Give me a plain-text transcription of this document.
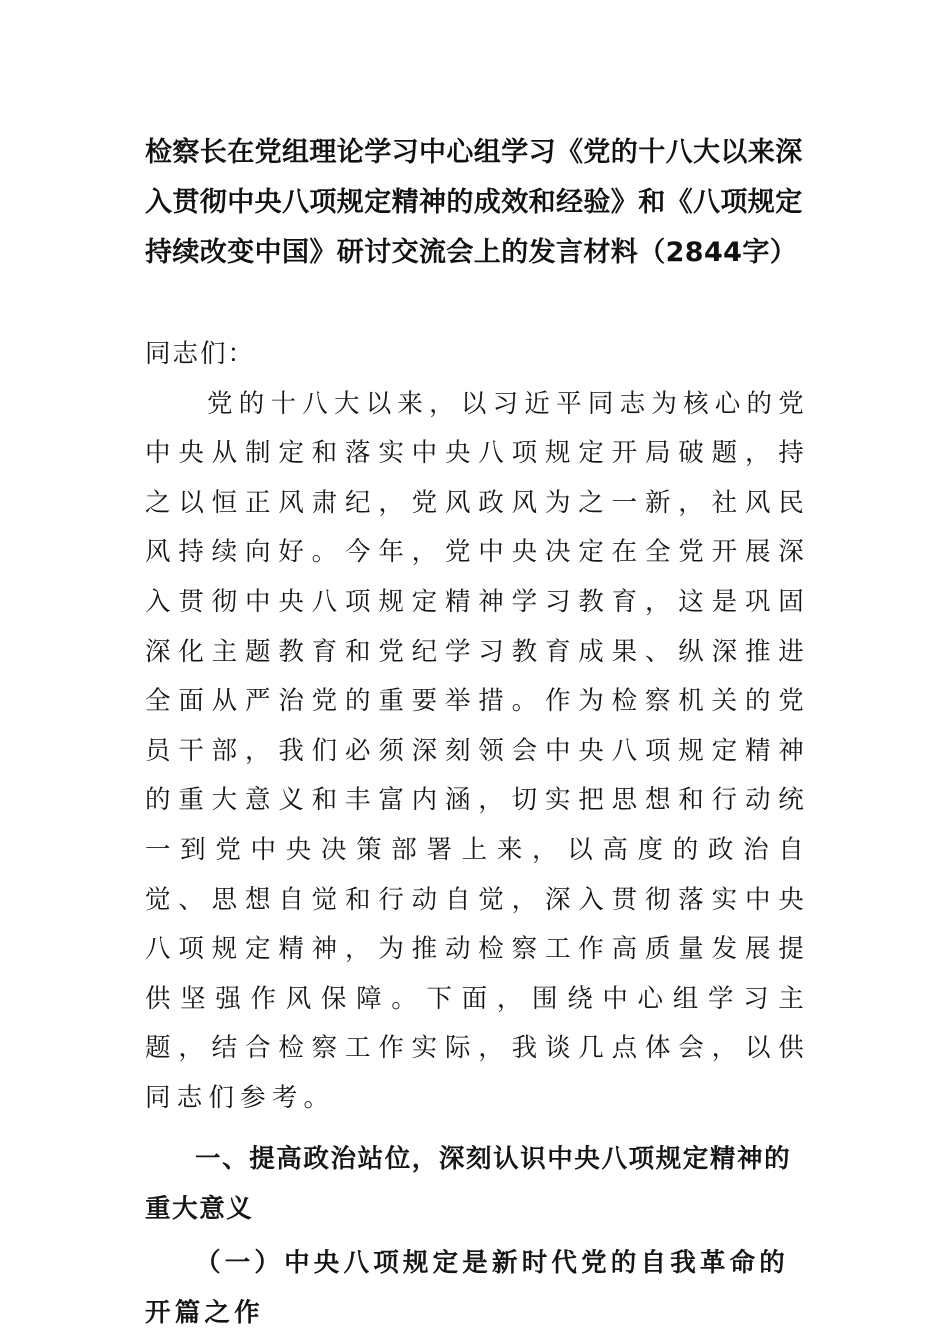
检察长在党组理论学习中心组学习《党的十八大以来深入贯彻中央八项规定精神的成效和经验》和《八项规定持续改变中国》研讨交流会上的发言材料（2844字）

同志们：

党的十八大以来，以习近平同志为核心的党中央从制定和落实中央八项规定开局破题，持之以恒正风肃纪，党风政风为之一新，社风民风持续向好。今年，党中央决定在全党开展深入贯彻中央八项规定精神学习教育，这是巩固深化主题教育和党纪学习教育成果、纵深推进全面从严治党的重要举措。作为检察机关的党员干部，我们必须深刻领会中央八项规定精神的重大意义和丰富内涵，切实把思想和行动统一到党中央决策部署上来，以高度的政治自觉、思想自觉和行动自觉，深入贯彻落实中央八项规定精神，为推动检察工作高质量发展提供坚强作风保障。下面，围绕中心组学习主题，结合检察工作实际，我谈几点体会，以供同志们参考。

一、提高政治站位，深刻认识中央八项规定精神的重大意义

（一）中央八项规定是新时代党的自我革命的开篇之作
